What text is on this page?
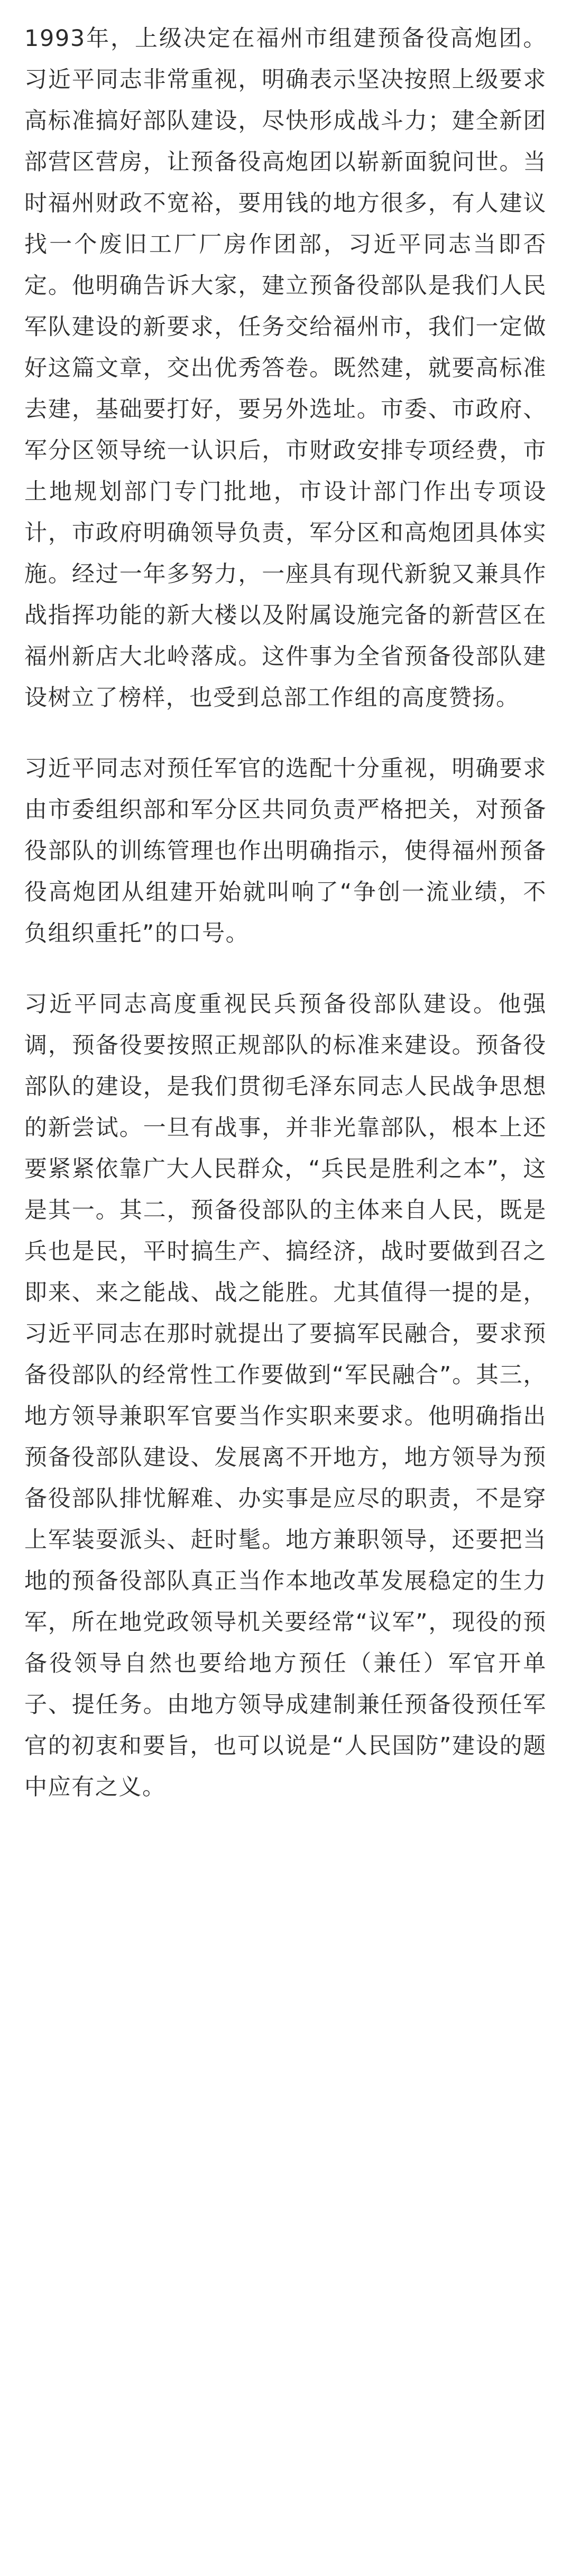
1993年，上级决定在福州市组建预备役高炮团。习近平同志非常重视，明确表示坚决按照上级要求高标准搞好部队建设，尽快形成战斗力；建全新团部营区营房，让预备役高炮团以崭新面貌问世。当时福州财政不宽裕，要用钱的地方很多，有人建议找一个废旧工厂厂房作团部，习近平同志当即否定。他明确告诉大家，建立预备役部队是我们人民军队建设的新要求，任务交给福州市，我们一定做好这篇文章，交出优秀答卷。既然建，就要高标准去建，基础要打好，要另外选址。市委、市政府、军分区领导统一认识后，市财政安排专项经费，市土地规划部门专门批地，市设计部门作出专项设计，市政府明确领导负责，军分区和高炮团具体实施。经过一年多努力，一座具有现代新貌又兼具作战指挥功能的新大楼以及附属设施完备的新营区在福州新店大北岭落成。这件事为全省预备役部队建设树立了榜样，也受到总部工作组的高度赞扬。

习近平同志对预任军官的选配十分重视，明确要求由市委组织部和军分区共同负责严格把关，对预备役部队的训练管理也作出明确指示，使得福州预备役高炮团从组建开始就叫响了“争创一流业绩，不负组织重托”的口号。

习近平同志高度重视民兵预备役部队建设。他强调，预备役要按照正规部队的标准来建设。预备役部队的建设，是我们贯彻毛泽东同志人民战争思想的新尝试。一旦有战事，并非光靠部队，根本上还要紧紧依靠广大人民群众，“兵民是胜利之本”，这是其一。其二，预备役部队的主体来自人民，既是兵也是民，平时搞生产、搞经济，战时要做到召之即来、来之能战、战之能胜。尤其值得一提的是，习近平同志在那时就提出了要搞军民融合，要求预备役部队的经常性工作要做到“军民融合”。其三，地方领导兼职军官要当作实职来要求。他明确指出预备役部队建设、发展离不开地方，地方领导为预备役部队排忧解难、办实事是应尽的职责，不是穿上军装耍派头、赶时髦。地方兼职领导，还要把当地的预备役部队真正当作本地改革发展稳定的生力军，所在地党政领导机关要经常“议军”，现役的预备役领导自然也要给地方预任（兼任）军官开单子、提任务。由地方领导成建制兼任预备役预任军官的初衷和要旨，也可以说是“人民国防”建设的题中应有之义。
